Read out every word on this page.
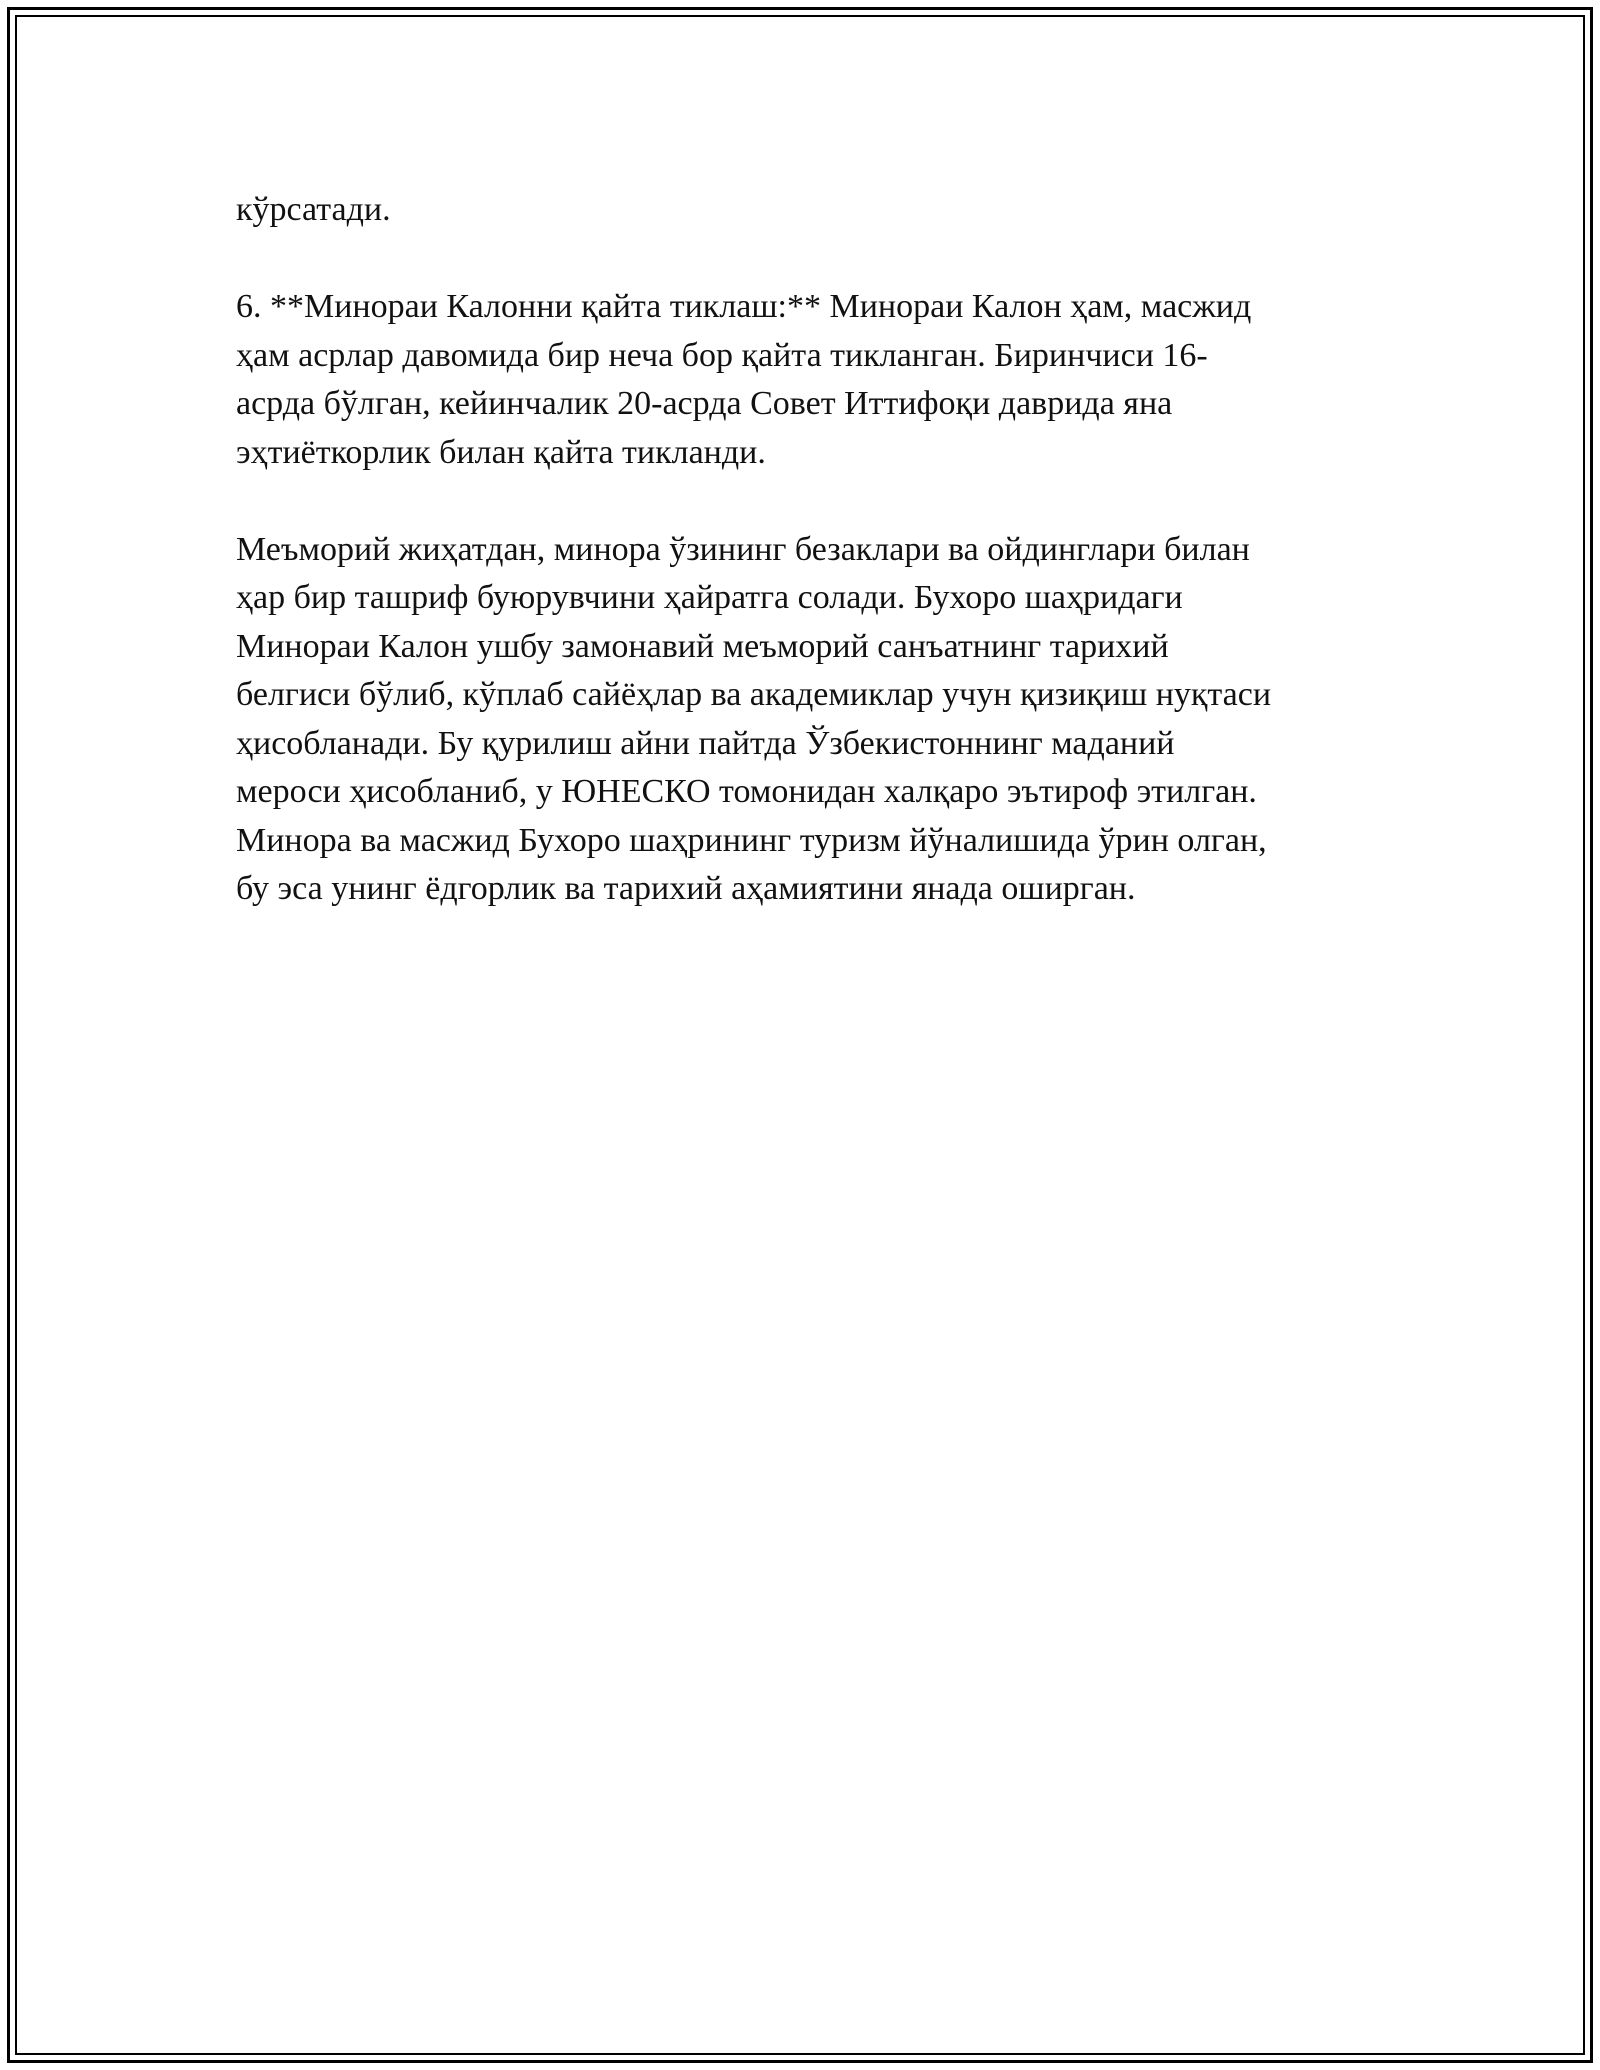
кўрсатади.

6. **Минораи Калонни қайта тиклаш:** Минораи Калон ҳам, масжид
ҳам асрлар давомида бир неча бор қайта тикланган. Биринчиси 16-
асрда бўлган, кейинчалик 20-асрда Совет Иттифоқи даврида яна
эҳтиёткорлик билан қайта тикланди.

Меъморий жиҳатдан, минора ўзининг безаклари ва ойдинглари билан
ҳар бир ташриф буюрувчини ҳайратга солади. Бухоро шаҳридаги
Минораи Калон ушбу замонавий меъморий санъатнинг тарихий
белгиси бўлиб, кўплаб сайёҳлар ва академиклар учун қизиқиш нуқтаси
ҳисобланади. Бу қурилиш айни пайтда Ўзбекистоннинг маданий
мероси ҳисобланиб, у ЮНЕСКО томонидан халқаро эътироф этилган.
Минора ва масжид Бухоро шаҳрининг туризм йўналишида ўрин олган,
бу эса унинг ёдгорлик ва тарихий аҳамиятини янада оширган.
